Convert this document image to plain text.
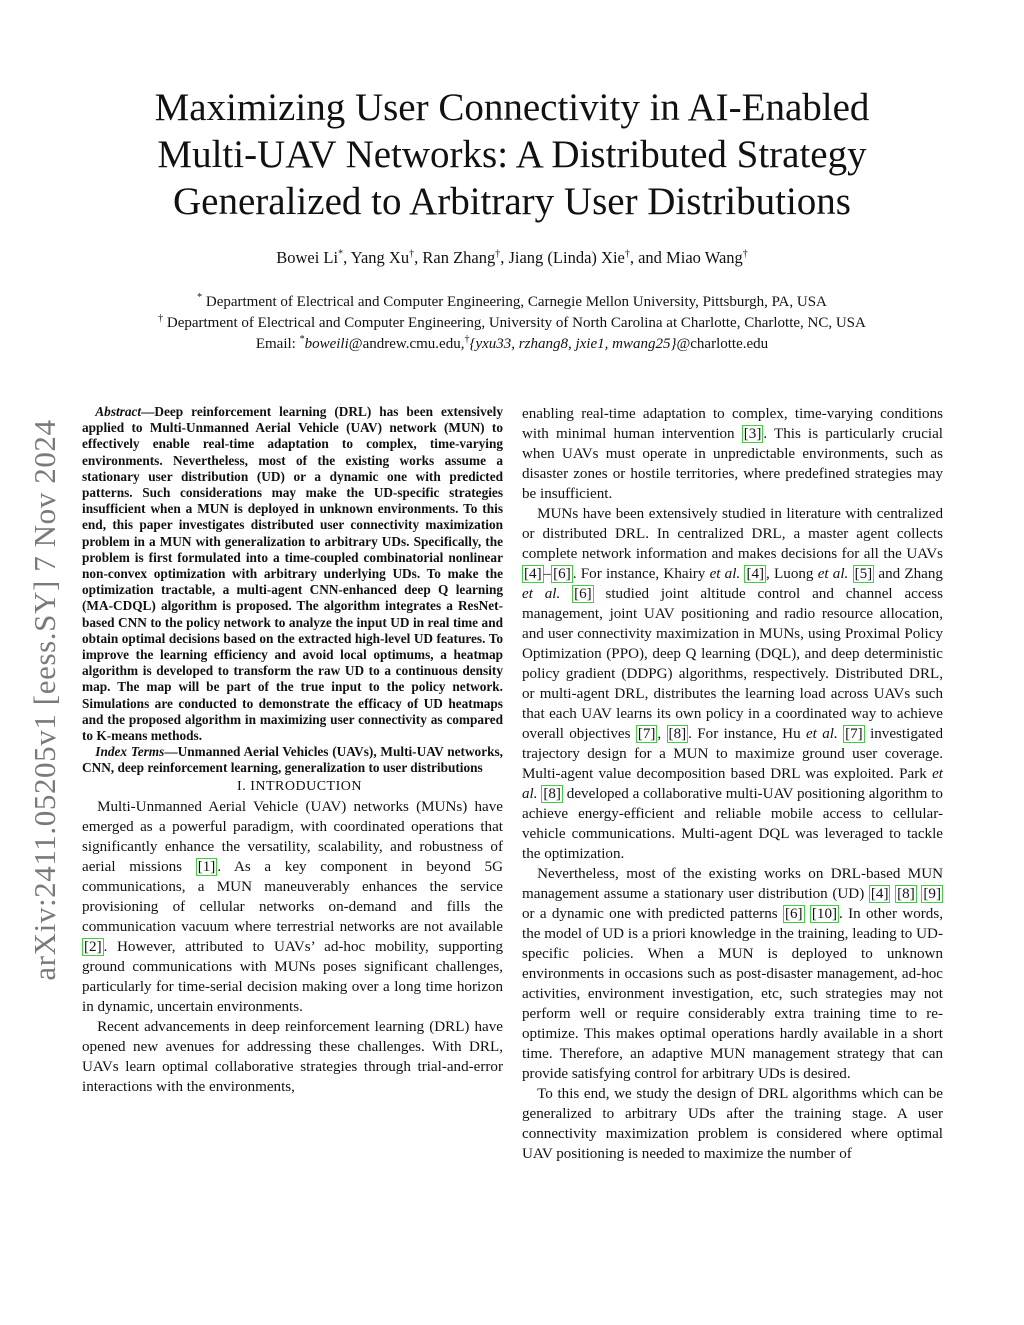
arXiv:2411.05205v1 [eess.SY] 7 Nov 2024
Maximizing User Connectivity in AI-Enabled
Multi-UAV Networks: A Distributed Strategy
Generalized to Arbitrary User Distributions
Bowei Li*, Yang Xu†, Ran Zhang†, Jiang (Linda) Xie†, and Miao Wang†
* Department of Electrical and Computer Engineering, Carnegie Mellon University, Pittsburgh, PA, USA
† Department of Electrical and Computer Engineering, University of North Carolina at Charlotte, Charlotte, NC, USA
Email: *boweili@andrew.cmu.edu,†{yxu33, rzhang8, jxie1, mwang25}@charlotte.edu

Abstract—Deep reinforcement learning (DRL) has been extensively applied to Multi-Unmanned Aerial Vehicle (UAV) network (MUN) to effectively enable real-time adaptation to complex, time-varying environments. Nevertheless, most of the existing works assume a stationary user distribution (UD) or a dynamic one with predicted patterns. Such considerations may make the UD-specific strategies insufficient when a MUN is deployed in unknown environments. To this end, this paper investigates distributed user connectivity maximization problem in a MUN with generalization to arbitrary UDs. Specifically, the problem is first formulated into a time-coupled combinatorial nonlinear non-convex optimization with arbitrary underlying UDs. To make the optimization tractable, a multi-agent CNN-enhanced deep Q learning (MA-CDQL) algorithm is proposed. The algorithm integrates a ResNet-based CNN to the policy network to analyze the input UD in real time and obtain optimal decisions based on the extracted high-level UD features. To improve the learning efficiency and avoid local optimums, a heatmap algorithm is developed to transform the raw UD to a continuous density map. The map will be part of the true input to the policy network. Simulations are conducted to demonstrate the efficacy of UD heatmaps and the proposed algorithm in maximizing user connectivity as compared to K-means methods.

Index Terms—Unmanned Aerial Vehicles (UAVs), Multi-UAV networks, CNN, deep reinforcement learning, generalization to user distributions

I. INTRODUCTION

Multi-Unmanned Aerial Vehicle (UAV) networks (MUNs) have emerged as a powerful paradigm, with coordinated operations that significantly enhance the versatility, scalability, and robustness of aerial missions [1] . As a key component in beyond 5G communications, a MUN maneuverably enhances the service provisioning of cellular networks on-demand and fills the communication vacuum where terrestrial networks are not available [2] . However, attributed to UAVs’ ad-hoc mobility, supporting ground communications with MUNs poses significant challenges, particularly for time-serial decision making over a long time horizon in dynamic, uncertain environments.

Recent advancements in deep reinforcement learning (DRL) have opened new avenues for addressing these challenges. With DRL, UAVs learn optimal collaborative strategies through trial-and-error interactions with the environments,

enabling real-time adaptation to complex, time-varying conditions with minimal human intervention [3] . This is particularly crucial when UAVs must operate in unpredictable environments, such as disaster zones or hostile territories, where predefined strategies may be insufficient.

MUNs have been extensively studied in literature with centralized or distributed DRL. In centralized DRL, a master agent collects complete network information and makes decisions for all the UAVs [4] – [6] . For instance, Khairy et al. [4] , Luong et al. [5] and Zhang et al. [6] studied joint altitude control and channel access management, joint UAV positioning and radio resource allocation, and user connectivity maximization in MUNs, using Proximal Policy Optimization (PPO), deep Q learning (DQL), and deep deterministic policy gradient (DDPG) algorithms, respectively. Distributed DRL, or multi-agent DRL, distributes the learning load across UAVs such that each UAV learns its own policy in a coordinated way to achieve overall objectives [7] , [8] . For instance, Hu et al. [7] investigated trajectory design for a MUN to maximize ground user coverage. Multi-agent value decomposition based DRL was exploited. Park et al. [8] developed a collaborative multi-UAV positioning algorithm to achieve energy-efficient and reliable mobile access to cellular-vehicle communications. Multi-agent DQL was leveraged to tackle the optimization.

Nevertheless, most of the existing works on DRL-based MUN management assume a stationary user distribution (UD) [4] [8] [9] or a dynamic one with predicted patterns [6] [10] . In other words, the model of UD is a priori knowledge in the training, leading to UD-specific policies. When a MUN is deployed to unknown environments in occasions such as post-disaster management, ad-hoc activities, environment investigation, etc, such strategies may not perform well or require considerably extra training time to re-optimize. This makes optimal operations hardly available in a short time. Therefore, an adaptive MUN management strategy that can provide satisfying control for arbitrary UDs is desired.

To this end, we study the design of DRL algorithms which can be generalized to arbitrary UDs after the training stage. A user connectivity maximization problem is considered where optimal UAV positioning is needed to maximize the number of
